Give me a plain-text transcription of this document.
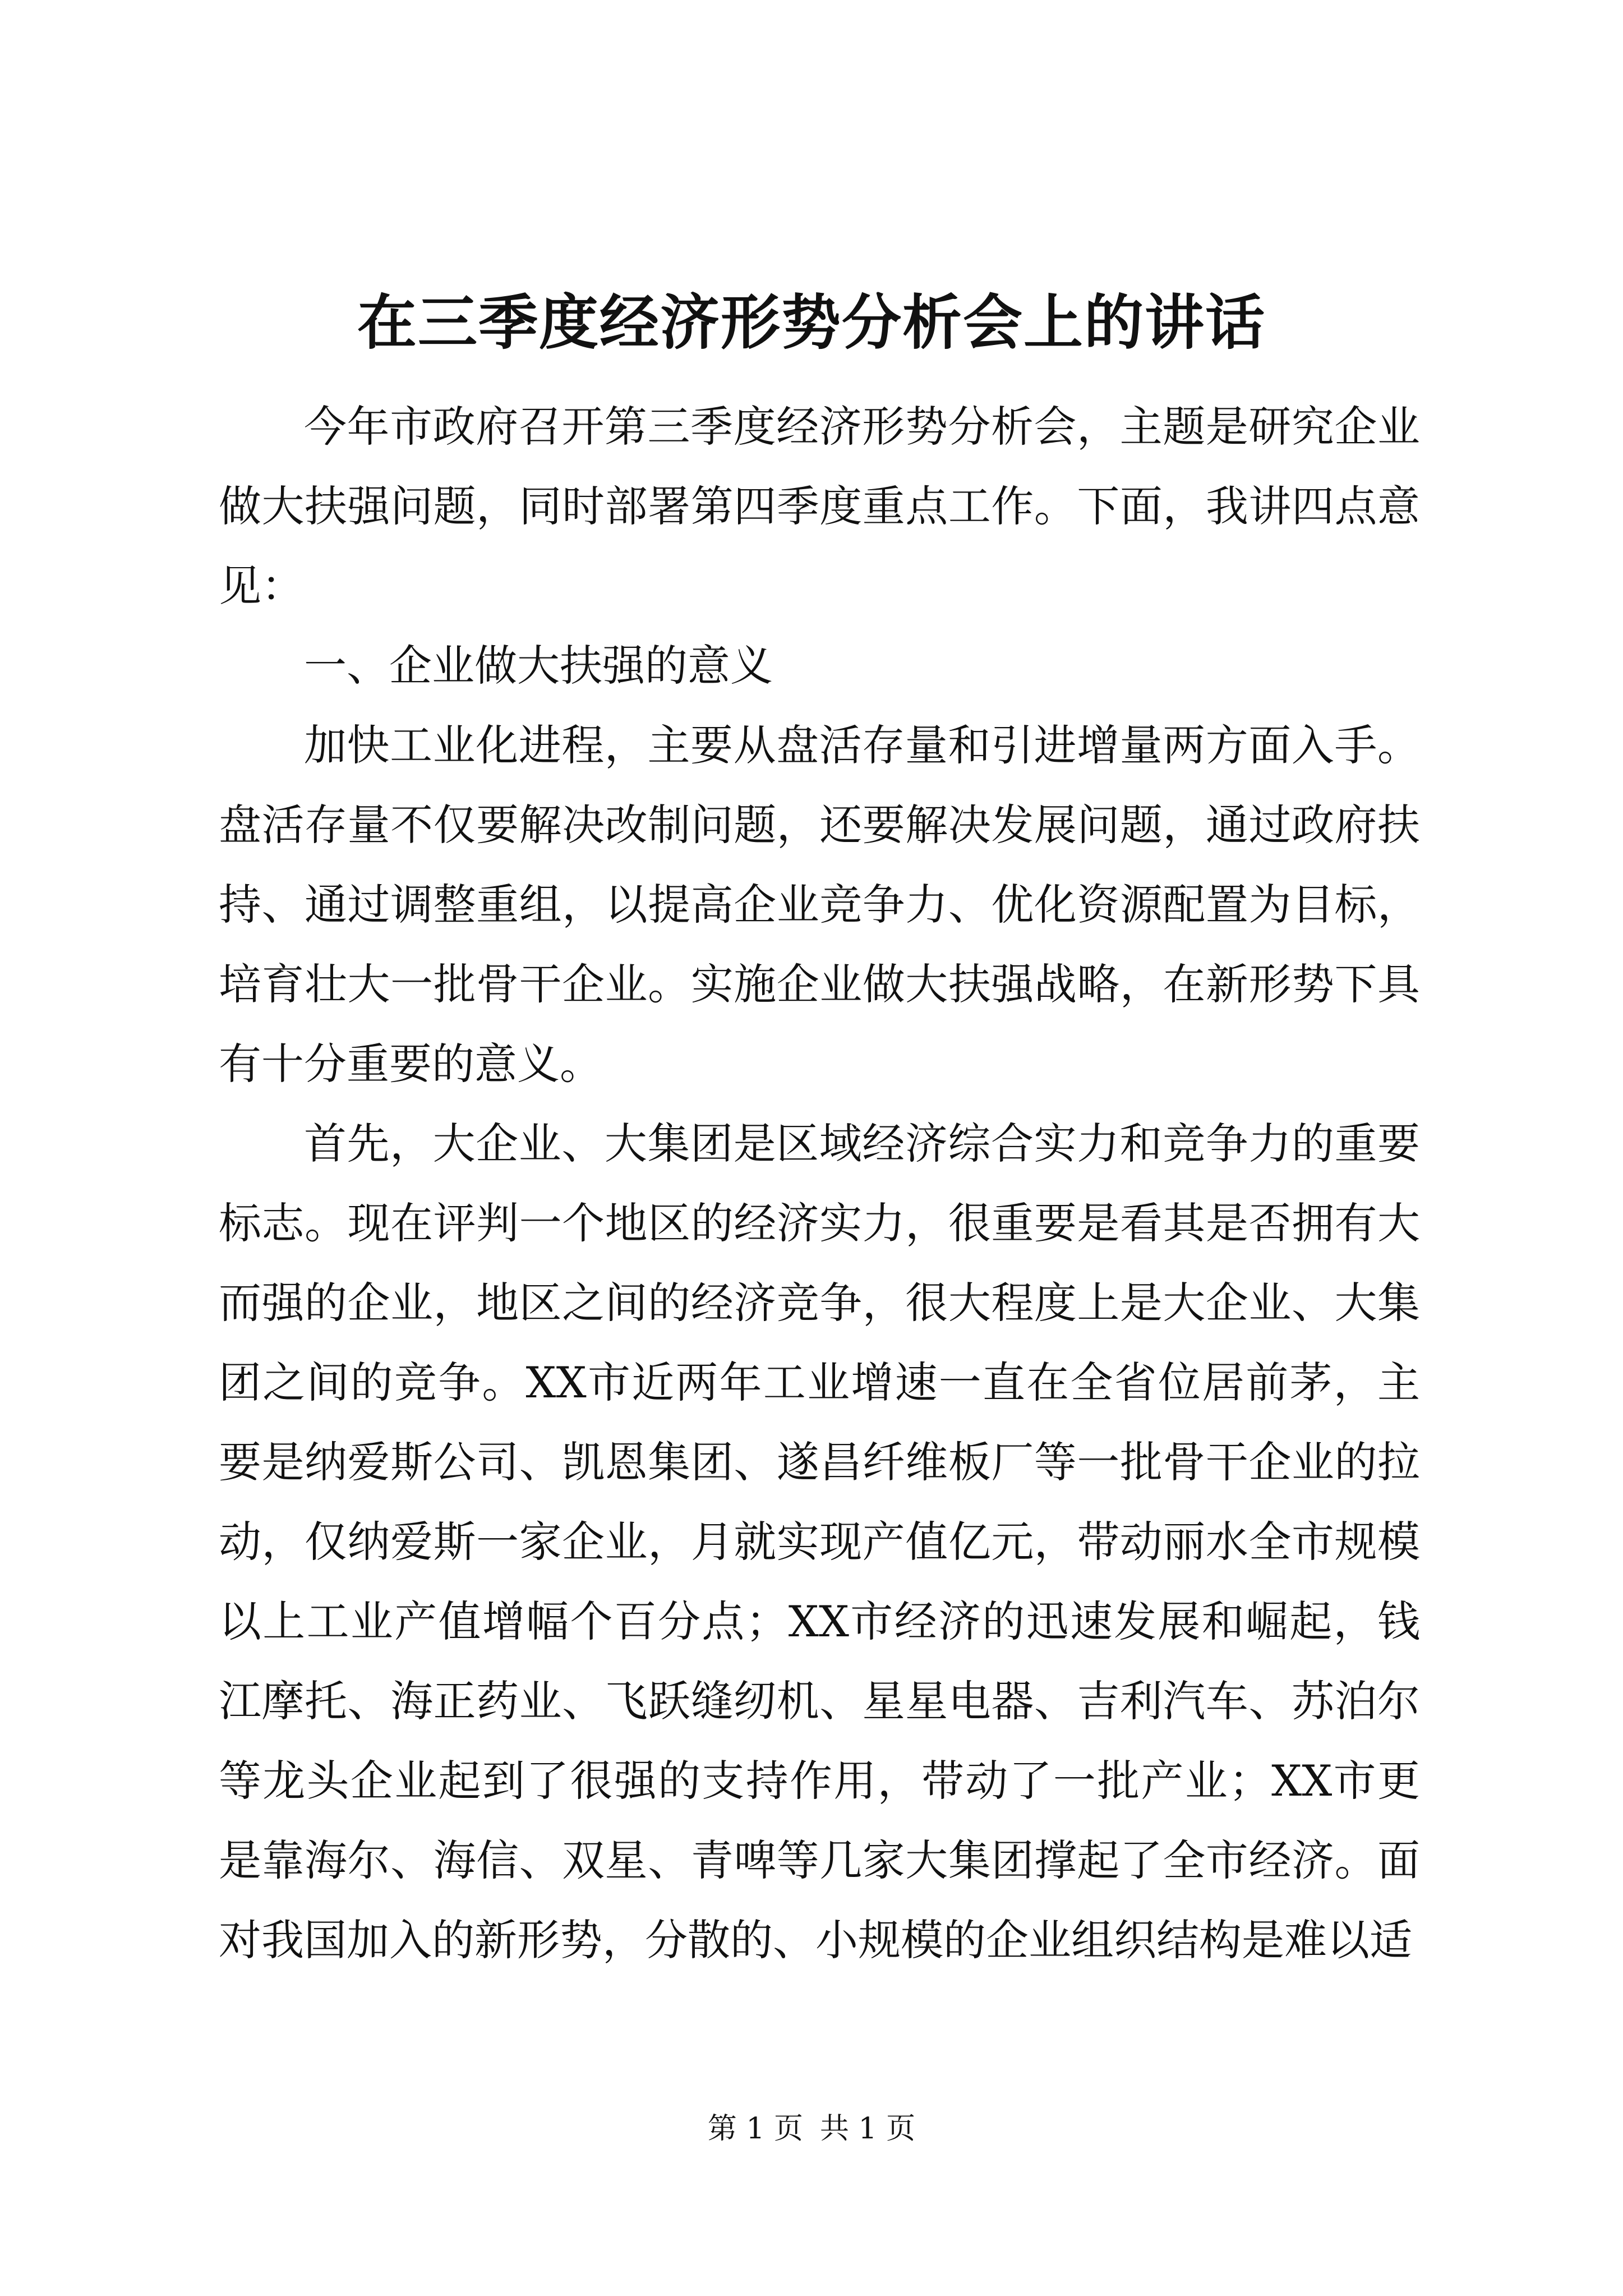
在三季度经济形势分析会上的讲话

今年市政府召开第三季度经济形势分析会，主题是研究企业做大扶强问题，同时部署第四季度重点工作。下面，我讲四点意见：

一、企业做大扶强的意义

加快工业化进程，主要从盘活存量和引进增量两方面入手。盘活存量不仅要解决改制问题，还要解决发展问题，通过政府扶持、通过调整重组，以提高企业竞争力、优化资源配置为目标，培育壮大一批骨干企业。实施企业做大扶强战略，在新形势下具有十分重要的意义。

首先，大企业、大集团是区域经济综合实力和竞争力的重要标志。现在评判一个地区的经济实力，很重要是看其是否拥有大而强的企业，地区之间的经济竞争，很大程度上是大企业、大集团之间的竞争。XX市近两年工业增速一直在全省位居前茅，主要是纳爱斯公司、凯恩集团、遂昌纤维板厂等一批骨干企业的拉动，仅纳爱斯一家企业，月就实现产值亿元，带动丽水全市规模以上工业产值增幅个百分点；XX市经济的迅速发展和崛起，钱江摩托、海正药业、飞跃缝纫机、星星电器、吉利汽车、苏泊尔等龙头企业起到了很强的支持作用，带动了一批产业；XX市更是靠海尔、海信、双星、青啤等几家大集团撑起了全市经济。面对我国加入的新形势，分散的、小规模的企业组织结构是难以适

第 1 页 共 1 页
